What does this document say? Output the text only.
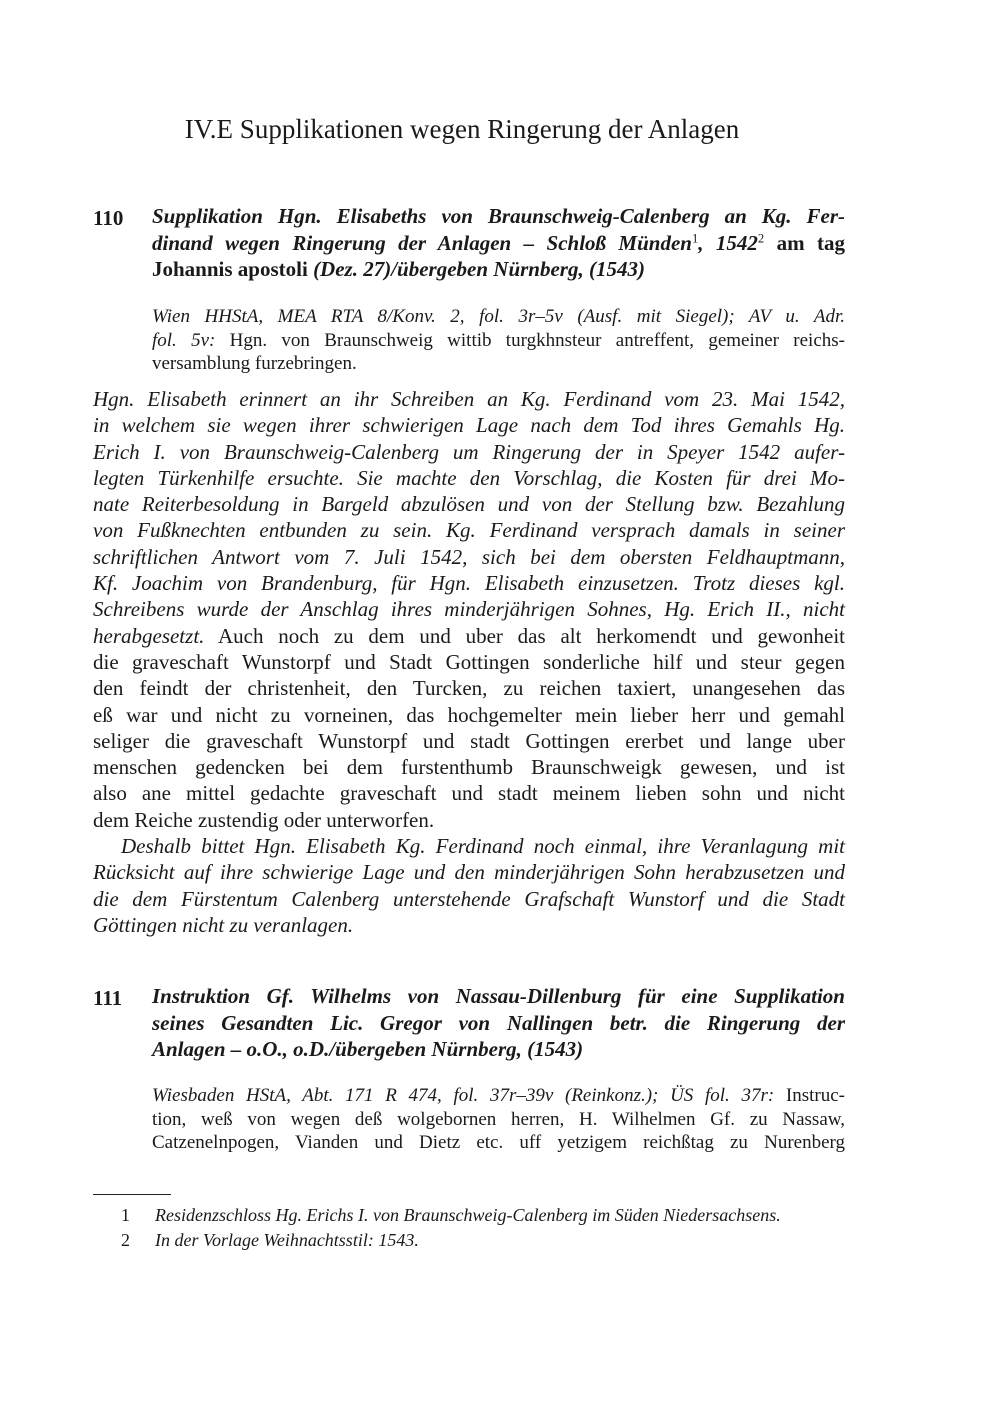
IV.E Supplikationen wegen Ringerung der Anlagen
110 Supplikation Hgn. Elisabeths von Braunschweig-Calenberg an Kg. Fer-
dinand wegen Ringerung der Anlagen – Schloß Münden$^1$, 1542$^2$ am tag
Johannis apostoli (Dez. 27)/übergeben Nürnberg, (1543)
Wien HHStA, MEA RTA 8/Konv. 2, fol. 3r–5v (Ausf. mit Siegel); AV u. Adr.
fol. 5v: Hgn. von Braunschweig wittib turgkhnsteur antreffent, gemeiner reichs-
versamblung furzebringen.
Hgn. Elisabeth erinnert an ihr Schreiben an Kg. Ferdinand vom 23. Mai 1542,
in welchem sie wegen ihrer schwierigen Lage nach dem Tod ihres Gemahls Hg.
Erich I. von Braunschweig-Calenberg um Ringerung der in Speyer 1542 aufer-
legten Türkenhilfe ersuchte. Sie machte den Vorschlag, die Kosten für drei Mo-
nate Reiterbesoldung in Bargeld abzulösen und von der Stellung bzw. Bezahlung
von Fußknechten entbunden zu sein. Kg. Ferdinand versprach damals in seiner
schriftlichen Antwort vom 7. Juli 1542, sich bei dem obersten Feldhauptmann,
Kf. Joachim von Brandenburg, für Hgn. Elisabeth einzusetzen. Trotz dieses kgl.
Schreibens wurde der Anschlag ihres minderjährigen Sohnes, Hg. Erich II., nicht
herabgesetzt. Auch noch zu dem und uber das alt herkomendt und gewonheit
die graveschaft Wunstorpf und Stadt Gottingen sonderliche hilf und steur gegen
den feindt der christenheit, den Turcken, zu reichen taxiert, unangesehen das
eß war und nicht zu vorneinen, das hochgemelter mein lieber herr und gemahl
seliger die graveschaft Wunstorpf und stadt Gottingen ererbet und lange uber
menschen gedencken bei dem furstenthumb Braunschweigk gewesen, und ist
also ane mittel gedachte graveschaft und stadt meinem lieben sohn und nicht
dem Reiche zustendig oder unterworfen.
Deshalb bittet Hgn. Elisabeth Kg. Ferdinand noch einmal, ihre Veranlagung mit
Rücksicht auf ihre schwierige Lage und den minderjährigen Sohn herabzusetzen und
die dem Fürstentum Calenberg unterstehende Grafschaft Wunstorf und die Stadt
Göttingen nicht zu veranlagen.
111 Instruktion Gf. Wilhelms von Nassau-Dillenburg für eine Supplikation
seines Gesandten Lic. Gregor von Nallingen betr. die Ringerung der
Anlagen – o.O., o.D./übergeben Nürnberg, (1543)
Wiesbaden HStA, Abt. 171 R 474, fol. 37r–39v (Reinkonz.); ÜS fol. 37r: Instruc-
tion, weß von wegen deß wolgebornen herren, H. Wilhelmen Gf. zu Nassaw,
Catzenelnpogen, Vianden und Dietz etc. uff yetzigem reichßtag zu Nurenberg
1 Residenzschloss Hg. Erichs I. von Braunschweig-Calenberg im Süden Niedersachsens.
2 In der Vorlage Weihnachtsstil: 1543.
